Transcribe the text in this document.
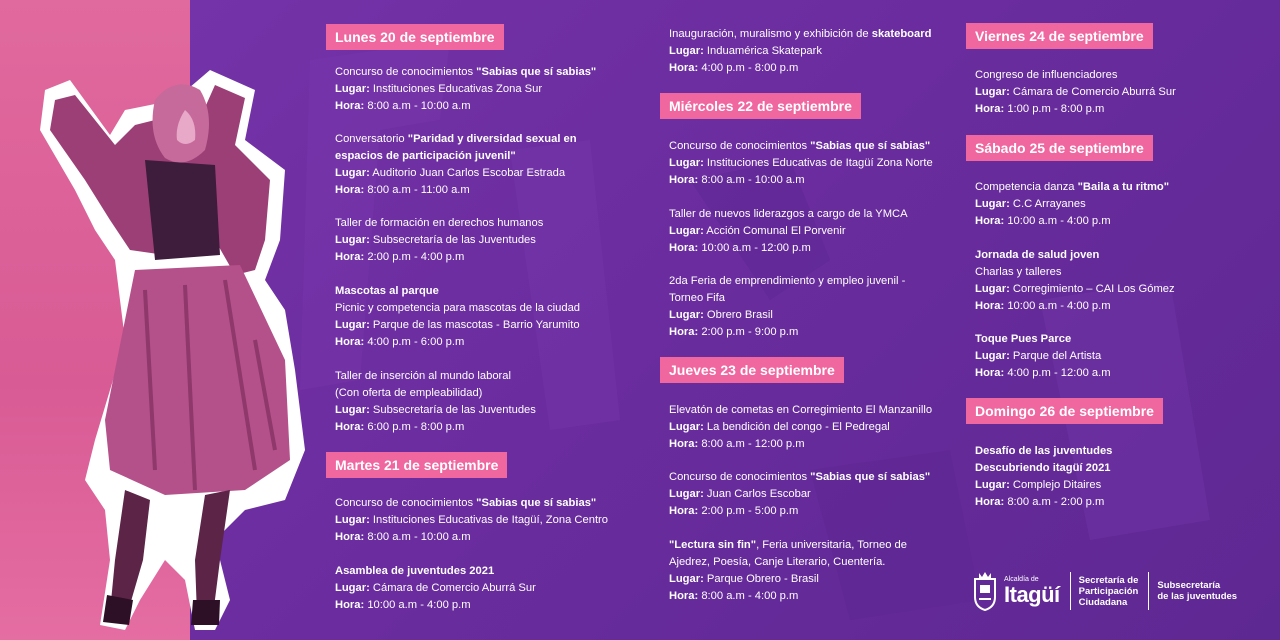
Lunes 20 de septiembre
Concurso de conocimientos "Sabias que sí sabias"
Lugar: Instituciones Educativas Zona Sur
Hora: 8:00 a.m - 10:00 a.m
Conversatorio "Paridad y diversidad sexual en
espacios de participación juvenil"
Lugar: Auditorio Juan Carlos Escobar Estrada
Hora: 8:00 a.m - 11:00 a.m
Taller de formación en derechos humanos
Lugar: Subsecretaría de las Juventudes
Hora: 2:00 p.m - 4:00 p.m
Mascotas al parque
Picnic y competencia para mascotas de la ciudad
Lugar: Parque de las mascotas - Barrio Yarumito
Hora: 4:00 p.m - 6:00 p.m
Taller de inserción al mundo laboral
(Con oferta de empleabilidad)
Lugar: Subsecretaría de las Juventudes
Hora: 6:00 p.m - 8:00 p.m
Martes 21 de septiembre
Concurso de conocimientos "Sabias que sí sabias"
Lugar: Instituciones Educativas de Itagüí, Zona Centro
Hora: 8:00 a.m - 10:00 a.m
Asamblea de juventudes 2021
Lugar: Cámara de Comercio Aburrá Sur
Hora: 10:00 a.m - 4:00 p.m
Inauguración, muralismo y exhibición de skateboard
Lugar: Induamérica Skatepark
Hora: 4:00 p.m - 8:00 p.m
Miércoles 22 de septiembre
Concurso de conocimientos "Sabias que sí sabias"
Lugar: Instituciones Educativas de Itagüí Zona Norte
Hora: 8:00 a.m - 10:00 a.m
Taller de nuevos liderazgos a cargo de la YMCA
Lugar: Acción Comunal El Porvenir
Hora: 10:00 a.m - 12:00 p.m
2da Feria de emprendimiento y empleo juvenil -
Torneo Fifa
Lugar: Obrero Brasil
Hora: 2:00 p.m - 9:00 p.m
Jueves 23 de septiembre
Elevatón de cometas en Corregimiento El Manzanillo
Lugar: La bendición del congo - El Pedregal
Hora: 8:00 a.m - 12:00 p.m
Concurso de conocimientos "Sabias que sí sabias"
Lugar: Juan Carlos Escobar
Hora: 2:00 p.m - 5:00 p.m
"Lectura sin fin", Feria universitaria, Torneo de
Ajedrez, Poesía, Canje Literario, Cuentería.
Lugar: Parque Obrero - Brasil
Hora: 8:00 a.m - 4:00 p.m
Viernes 24 de septiembre
Congreso de influenciadores
Lugar: Cámara de Comercio Aburrá Sur
Hora: 1:00 p.m - 8:00 p.m
Sábado 25 de septiembre
Competencia danza "Baila a tu ritmo"
Lugar: C.C Arrayanes
Hora: 10:00 a.m - 4:00 p.m
Jornada de salud joven
Charlas y talleres
Lugar: Corregimiento – CAI Los Gómez
Hora: 10:00 a.m - 4:00 p.m
Toque Pues Parce
Lugar: Parque del Artista
Hora: 4:00 p.m - 12:00 a.m
Domingo 26 de septiembre
Desafío de las juventudes
Descubriendo itagüí 2021
Lugar: Complejo Ditaires
Hora: 8:00 a.m - 2:00 p.m
Alcaldía de
Itagüí
Secretaría de
Participación
Ciudadana
Subsecretaría
de las juventudes
